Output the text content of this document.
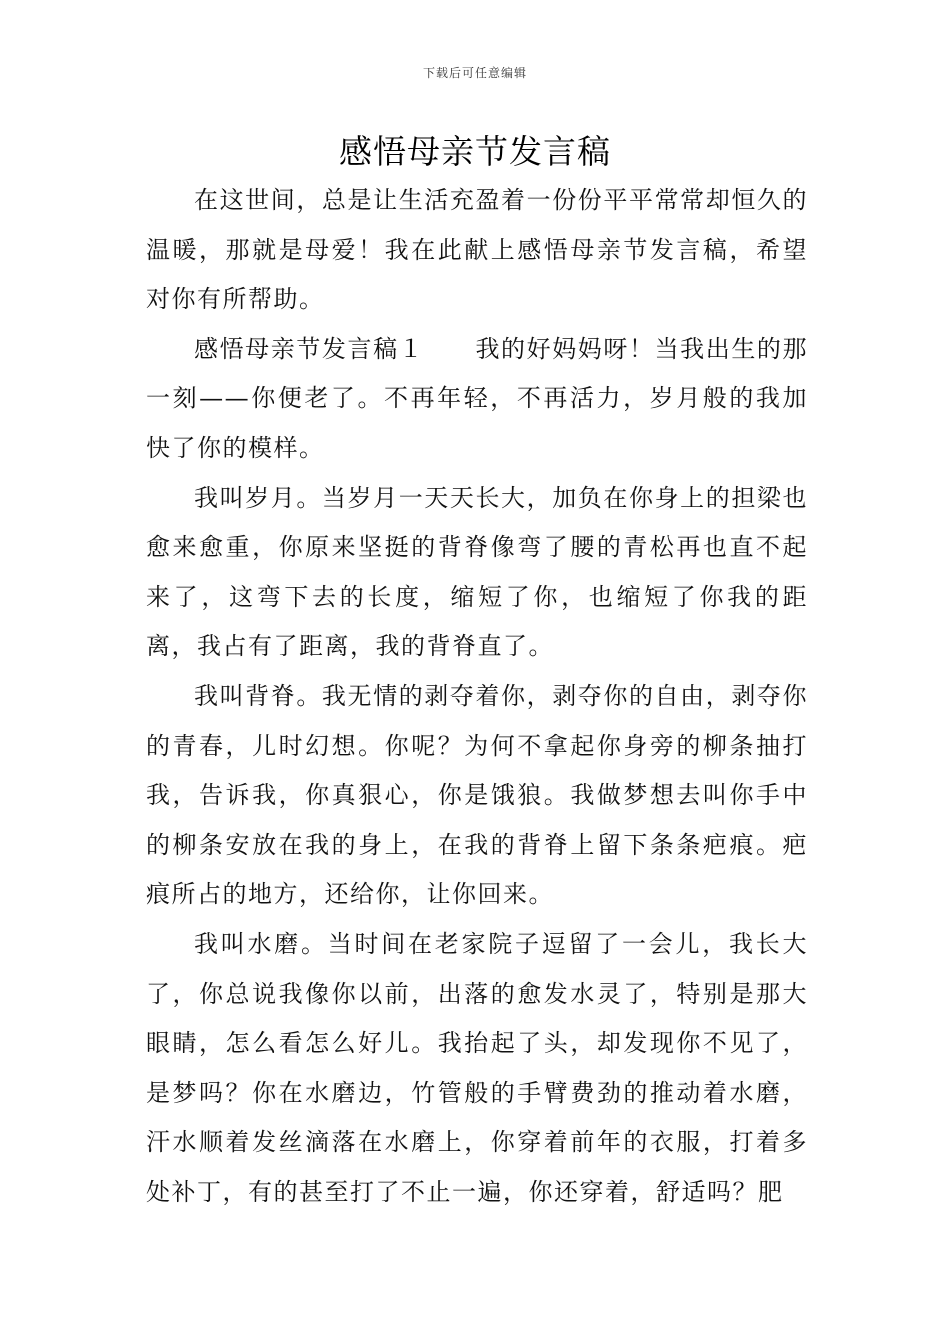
下载后可任意编辑
感悟母亲节发言稿

在这世间，总是让生活充盈着一份份平平常常却恒久的温暖，那就是母爱！我在此献上感悟母亲节发言稿，希望对你有所帮助。

感悟母亲节发言稿１　　我的好妈妈呀！当我出生的那一刻——你便老了。不再年轻，不再活力，岁月般的我加快了你的模样。

我叫岁月。当岁月一天天长大，加负在你身上的担梁也愈来愈重，你原来坚挺的背脊像弯了腰的青松再也直不起来了，这弯下去的长度，缩短了你，也缩短了你我的距离，我占有了距离，我的背脊直了。

我叫背脊。我无情的剥夺着你，剥夺你的自由，剥夺你的青春，儿时幻想。你呢？为何不拿起你身旁的柳条抽打我，告诉我，你真狠心，你是饿狼。我做梦想去叫你手中的柳条安放在我的身上，在我的背脊上留下条条疤痕。疤痕所占的地方，还给你，让你回来。

我叫水磨。当时间在老家院子逗留了一会儿，我长大了，你总说我像你以前，出落的愈发水灵了，特别是那大眼睛，怎么看怎么好儿。我抬起了头，却发现你不见了，是梦吗？你在水磨边，竹管般的手臂费劲的推动着水磨，汗水顺着发丝滴落在水磨上，你穿着前年的衣服，打着多处补丁，有的甚至打了不止一遍，你还穿着，舒适吗？肥
